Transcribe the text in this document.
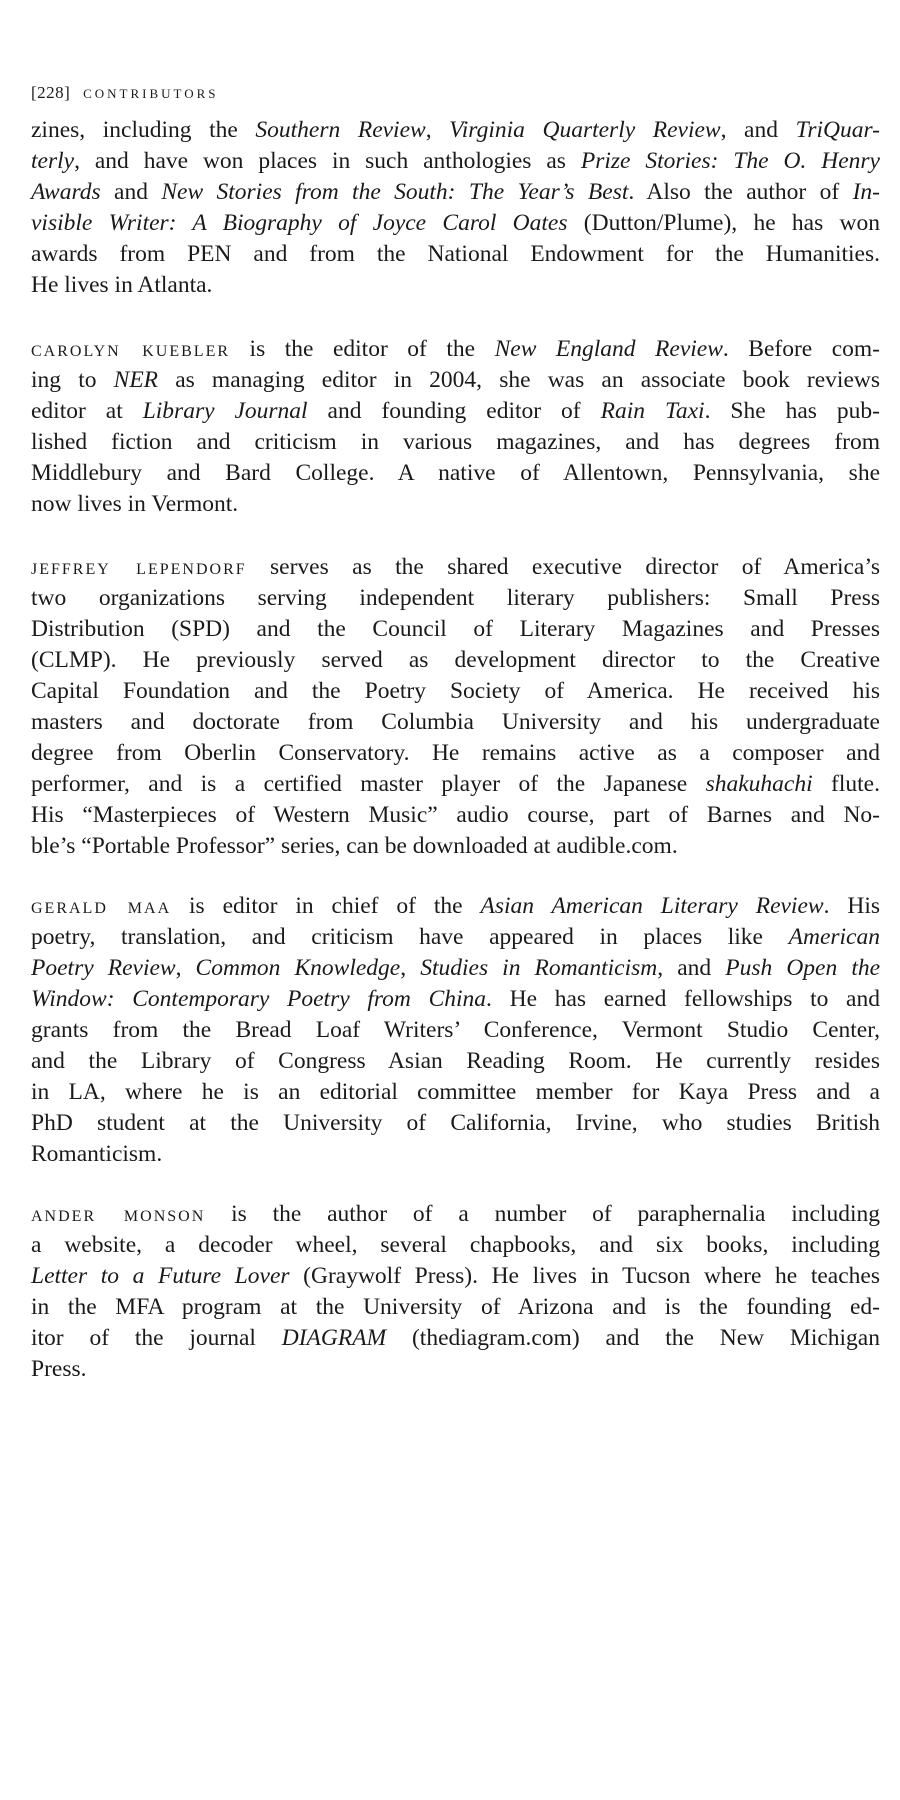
[228] contributors
zines, including the Southern Review, Virginia Quarterly Review, and TriQuar-
terly, and have won places in such anthologies as Prize Stories: The O. Henry
Awards and New Stories from the South: The Year’s Best. Also the author of In-
visible Writer: A Biography of Joyce Carol Oates (Dutton/Plume), he has won
awards from PEN and from the National Endowment for the Humanities.
He lives in Atlanta.
carolyn kuebler is the editor of the New England Review. Before com-
ing to NER as managing editor in 2004, she was an associate book reviews
editor at Library Journal and founding editor of Rain Taxi. She has pub-
lished fiction and criticism in various magazines, and has degrees from
Middlebury and Bard College. A native of Allentown, Pennsylvania, she
now lives in Vermont.
jeffrey lependorf serves as the shared executive director of America’s
two organizations serving independent literary publishers: Small Press
Distribution (SPD) and the Council of Literary Magazines and Presses
(CLMP). He previously served as development director to the Creative
Capital Foundation and the Poetry Society of America. He received his
masters and doctorate from Columbia University and his undergraduate
degree from Oberlin Conservatory. He remains active as a composer and
performer, and is a certified master player of the Japanese shakuhachi flute.
His “Masterpieces of Western Music” audio course, part of Barnes and No-
ble’s “Portable Professor” series, can be downloaded at audible.com.
gerald maa is editor in chief of the Asian American Literary Review. His
poetry, translation, and criticism have appeared in places like American
Poetry Review, Common Knowledge, Studies in Romanticism, and Push Open the
Window: Contemporary Poetry from China. He has earned fellowships to and
grants from the Bread Loaf Writers’ Conference, Vermont Studio Center,
and the Library of Congress Asian Reading Room. He currently resides
in LA, where he is an editorial committee member for Kaya Press and a
PhD student at the University of California, Irvine, who studies British
Romanticism.
ander monson is the author of a number of paraphernalia including
a website, a decoder wheel, several chapbooks, and six books, including
Letter to a Future Lover (Graywolf Press). He lives in Tucson where he teaches
in the MFA program at the University of Arizona and is the founding ed-
itor of the journal DIAGRAM (thediagram.com) and the New Michigan
Press.
